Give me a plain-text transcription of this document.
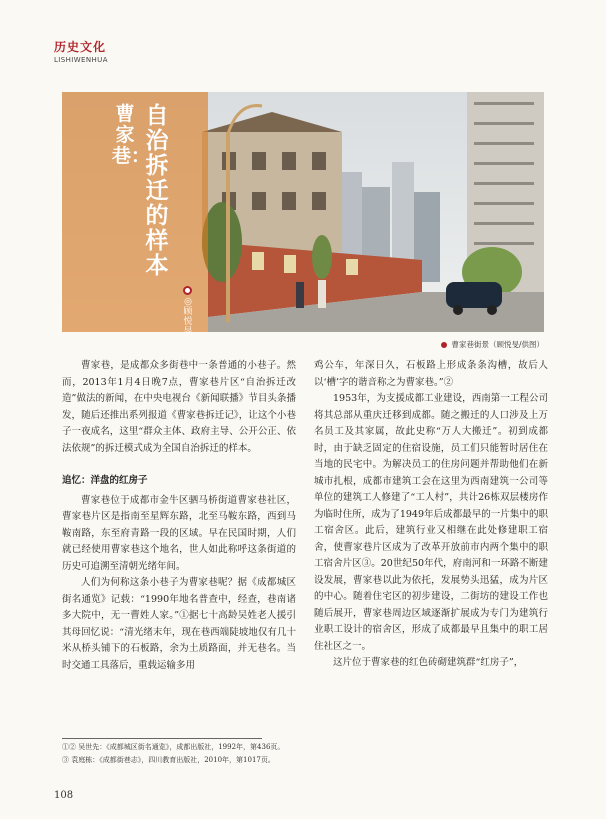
历史文化
LISHIWENHUA
自治拆迁的样本
曹家巷：
◎顾悦旻
曹家巷街景（顾悦旻/供图）

曹家巷，是成都众多街巷中一条普通的小巷子。然而，2013年1月4日晚7点，曹家巷片区“自治拆迁改造”做法的新闻，在中央电视台《新闻联播》节目头条播发，随后还推出系列报道《曹家巷拆迁记》，让这个小巷子一夜成名，这里“群众主体、政府主导、公开公正、依法依规”的拆迁模式成为全国自治拆迁的样本。

追忆：洋盘的红房子

曹家巷位于成都市金牛区驷马桥街道曹家巷社区，曹家巷片区是指南至星辉东路，北至马鞍东路，西到马鞍南路，东至府青路一段的区域。早在民国时期，人们就已经使用曹家巷这个地名，世人如此称呼这条街道的历史可追溯至清朝光绪年间。

人们为何称这条小巷子为曹家巷呢？据《成都城区街名通览》记载：“1990年地名普查中，经查，巷南诸多大院中，无一曹姓人家。”①据七十高龄吴姓老人援引其母回忆说：“清光绪末年，现在巷西端陡坡地仅有几十米从桥头铺下的石板路，余为土质路面，并无巷名。当时交通工具落后，重载运输多用

鸡公车，年深日久，石板路上形成条条沟槽，故后人以‘槽’字的谐音称之为曹家巷。”②

1953年，为支援成都工业建设，西南第一工程公司将其总部从重庆迁移到成都。随之搬迁的人口涉及上万名员工及其家属，故此史称“万人大搬迁”。初到成都时，由于缺乏固定的住宿设施，员工们只能暂时居住在当地的民宅中。为解决员工的住房问题并帮助他们在新城市扎根，成都市建筑工会在这里为西南建筑一公司等单位的建筑工人修建了“工人村”，共计26栋双层楼房作为临时住所，成为了1949年后成都最早的一片集中的职工宿舍区。此后，建筑行业又相继在此处修建职工宿舍，使曹家巷片区成为了改革开放前市内两个集中的职工宿舍片区③。20世纪50年代，府南河和一环路不断建设发展，曹家巷以此为依托，发展势头迅猛，成为片区的中心。随着住宅区的初步建设，二街坊的建设工作也随后展开，曹家巷周边区域逐渐扩展成为专门为建筑行业职工设计的宿舍区，形成了成都最早且集中的职工居住社区之一。

这片位于曹家巷的红色砖砌建筑群“红房子”，

①② 吴世先：《成都城区街名通览》，成都出版社，1992年，第436页。
③ 袁庭栋：《成都街巷志》，四川教育出版社，2010年，第1017页。
108
